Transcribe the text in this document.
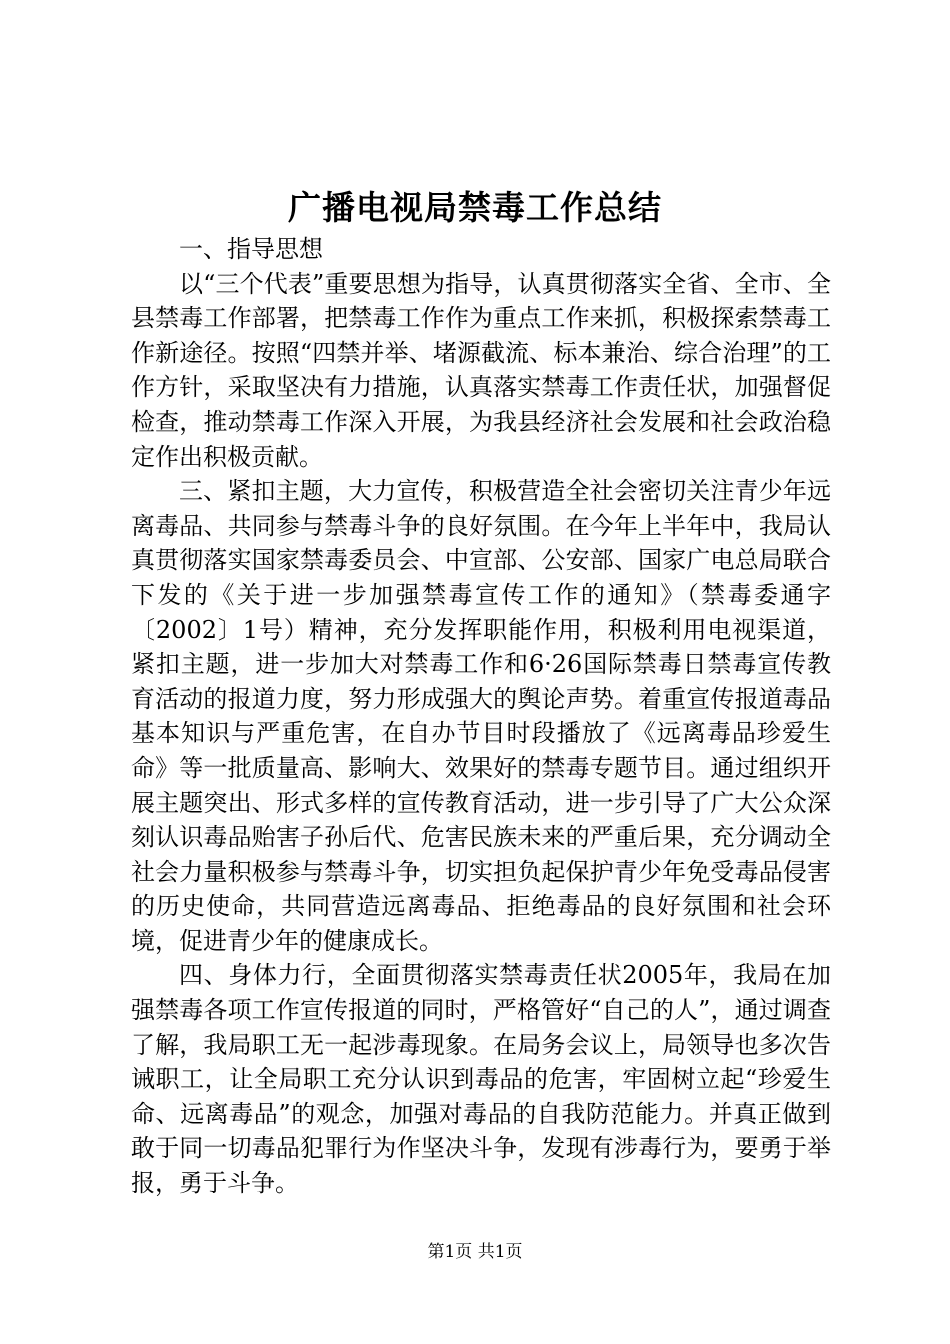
广播电视局禁毒工作总结

一、指导思想

以“三个代表”重要思想为指导，认真贯彻落实全省、全市、全县禁毒工作部署，把禁毒工作作为重点工作来抓，积极探索禁毒工作新途径。按照“四禁并举、堵源截流、标本兼治、综合治理”的工作方针，采取坚决有力措施，认真落实禁毒工作责任状，加强督促检查，推动禁毒工作深入开展，为我县经济社会发展和社会政治稳定作出积极贡献。

三、紧扣主题，大力宣传，积极营造全社会密切关注青少年远离毒品、共同参与禁毒斗争的良好氛围。在今年上半年中，我局认真贯彻落实国家禁毒委员会、中宣部、公安部、国家广电总局联合下发的《关于进一步加强禁毒宣传工作的通知》（禁毒委通字〔2002〕1号）精神，充分发挥职能作用，积极利用电视渠道，紧扣主题，进一步加大对禁毒工作和6·26国际禁毒日禁毒宣传教育活动的报道力度，努力形成强大的舆论声势。着重宣传报道毒品基本知识与严重危害，在自办节目时段播放了《远离毒品珍爱生命》等一批质量高、影响大、效果好的禁毒专题节目。通过组织开展主题突出、形式多样的宣传教育活动，进一步引导了广大公众深刻认识毒品贻害子孙后代、危害民族未来的严重后果，充分调动全社会力量积极参与禁毒斗争，切实担负起保护青少年免受毒品侵害的历史使命，共同营造远离毒品、拒绝毒品的良好氛围和社会环境，促进青少年的健康成长。

四、身体力行，全面贯彻落实禁毒责任状2005年，我局在加强禁毒各项工作宣传报道的同时，严格管好“自己的人”，通过调查了解，我局职工无一起涉毒现象。在局务会议上，局领导也多次告诫职工，让全局职工充分认识到毒品的危害，牢固树立起“珍爱生命、远离毒品”的观念，加强对毒品的自我防范能力。并真正做到敢于同一切毒品犯罪行为作坚决斗争，发现有涉毒行为，要勇于举报，勇于斗争。

第1页 共1页
